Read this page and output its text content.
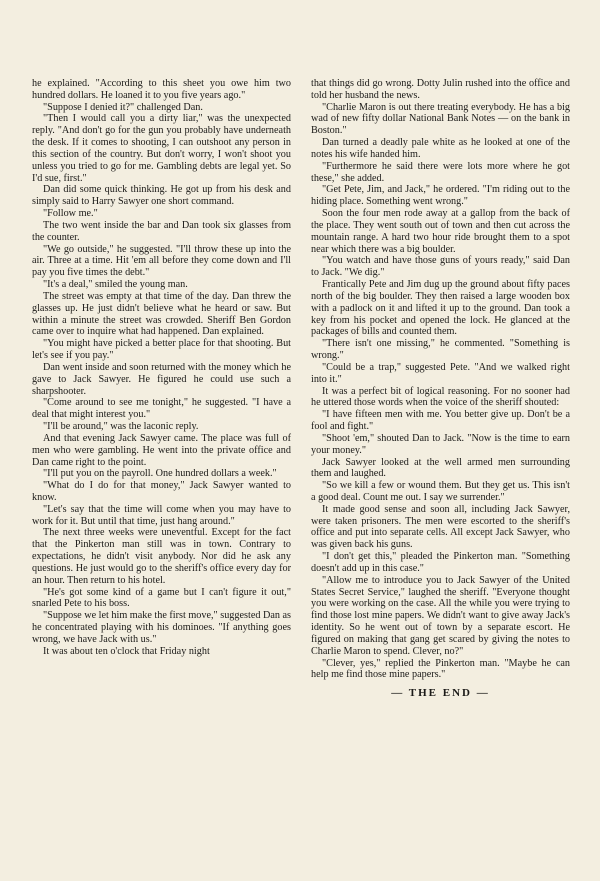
he explained. "According to this sheet you owe him two hundred dollars. He loaned it to you five years ago."

"Suppose I denied it?" challenged Dan.

"Then I would call you a dirty liar," was the unexpected reply. "And don't go for the gun you probably have underneath the desk. If it comes to shooting, I can outshoot any person in this section of the country. But don't worry, I won't shoot you unless you tried to go for me. Gambling debts are legal yet. So I'd sue, first."

Dan did some quick thinking. He got up from his desk and simply said to Harry Sawyer one short command.

"Follow me."

The two went inside the bar and Dan took six glasses from the counter.

"We go outside," he suggested. "I'll throw these up into the air. Three at a time. Hit 'em all before they come down and I'll pay you five times the debt."

"It's a deal," smiled the young man.

The street was empty at that time of the day. Dan threw the glasses up. He just didn't believe what he heard or saw. But within a minute the street was crowded. Sheriff Ben Gordon came over to inquire what had happened. Dan explained.

"You might have picked a better place for that shooting. But let's see if you pay."

Dan went inside and soon returned with the money which he gave to Jack Sawyer. He figured he could use such a sharpshooter.

"Come around to see me tonight," he suggested. "I have a deal that might interest you."

"I'll be around," was the laconic reply.

And that evening Jack Sawyer came. The place was full of men who were gambling. He went into the private office and Dan came right to the point.

"I'll put you on the payroll. One hundred dollars a week."

"What do I do for that money," Jack Sawyer wanted to know.

"Let's say that the time will come when you may have to work for it. But until that time, just hang around."

The next three weeks were uneventful. Except for the fact that the Pinkerton man still was in town. Contrary to expectations, he didn't visit anybody. Nor did he ask any questions. He just would go to the sheriff's office every day for an hour. Then return to his hotel.

"He's got some kind of a game but I can't figure it out," snarled Pete to his boss.

"Suppose we let him make the first move," suggested Dan as he concentrated playing with his dominoes. "If anything goes wrong, we have Jack with us."

It was about ten o'clock that Friday night

that things did go wrong. Dotty Julin rushed into the office and told her husband the news.

"Charlie Maron is out there treating everybody. He has a big wad of new fifty dollar National Bank Notes — on the bank in Boston."

Dan turned a deadly pale white as he looked at one of the notes his wife handed him.

"Furthermore he said there were lots more where he got these," she added.

"Get Pete, Jim, and Jack," he ordered. "I'm riding out to the hiding place. Something went wrong."

Soon the four men rode away at a gallop from the back of the place. They went south out of town and then cut across the mountain range. A hard two hour ride brought them to a spot near which there was a big boulder.

"You watch and have those guns of yours ready," said Dan to Jack. "We dig."

Frantically Pete and Jim dug up the ground about fifty paces north of the big boulder. They then raised a large wooden box with a padlock on it and lifted it up to the ground. Dan took a key from his pocket and opened the lock. He glanced at the packages of bills and counted them.

"There isn't one missing," he commented. "Something is wrong."

"Could be a trap," suggested Pete. "And we walked right into it."

It was a perfect bit of logical reasoning. For no sooner had he uttered those words when the voice of the sheriff shouted:

"I have fifteen men with me. You better give up. Don't be a fool and fight."

"Shoot 'em," shouted Dan to Jack. "Now is the time to earn your money."

Jack Sawyer looked at the well armed men surrounding them and laughed.

"So we kill a few or wound them. But they get us. This isn't a good deal. Count me out. I say we surrender."

It made good sense and soon all, including Jack Sawyer, were taken prisoners. The men were escorted to the sheriff's office and put into separate cells. All except Jack Sawyer, who was given back his guns.

"I don't get this," pleaded the Pinkerton man. "Something doesn't add up in this case."

"Allow me to introduce you to Jack Sawyer of the United States Secret Service," laughed the sheriff. "Everyone thought you were working on the case. All the while you were trying to find those lost mine papers. We didn't want to give away Jack's identity. So he went out of town by a separate escort. He figured on making that gang get scared by giving the notes to Charlie Maron to spend. Clever, no?"

"Clever, yes," replied the Pinkerton man. "Maybe he can help me find those mine papers."

— THE END —
